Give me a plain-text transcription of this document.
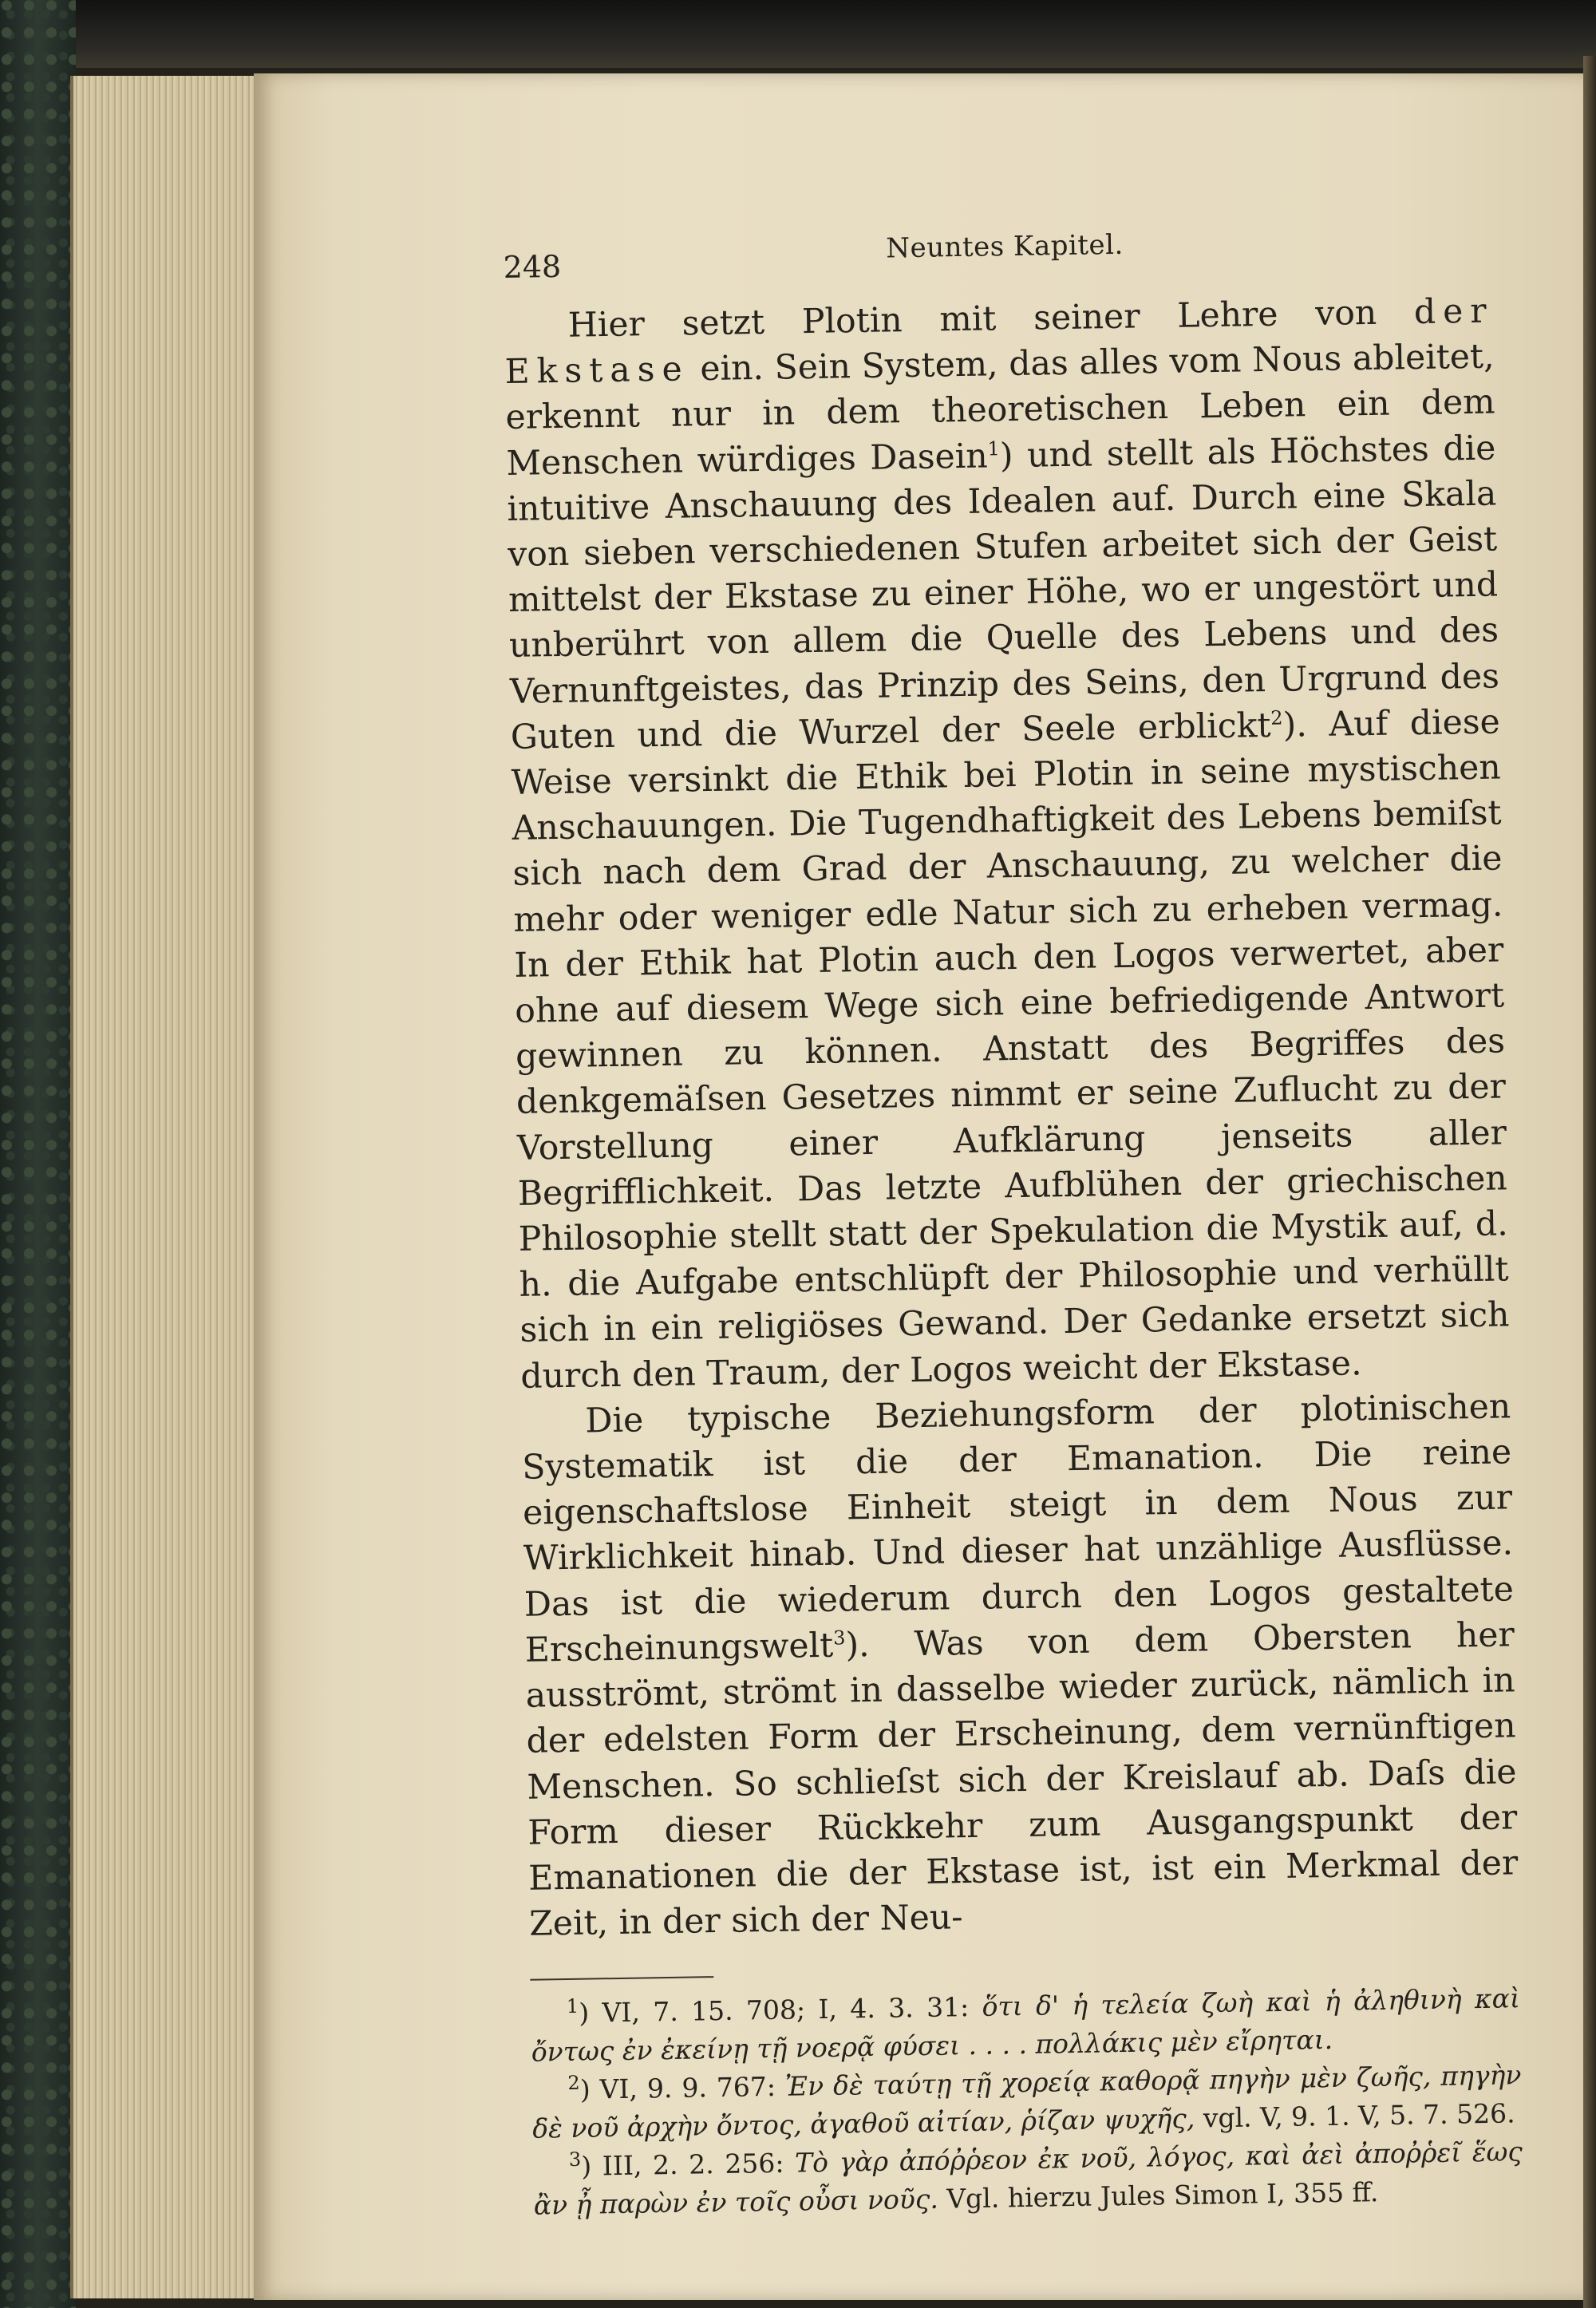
248
Neuntes Kapitel.

Hier setzt Plotin mit seiner Lehre von der Ekstase ein. Sein System, das alles vom Nous ableitet, erkennt nur in dem theoretischen Leben ein dem Menschen würdiges Dasein$^1$) und stellt als Höchstes die intuitive Anschauung des Idealen auf. Durch eine Skala von sieben verschiedenen Stufen arbeitet sich der Geist mittelst der Ekstase zu einer Höhe, wo er ungestört und unberührt von allem die Quelle des Lebens und des Vernunftgeistes, das Prinzip des Seins, den Urgrund des Guten und die Wurzel der Seele erblickt$^2$). Auf diese Weise versinkt die Ethik bei Plotin in seine mystischen Anschauungen. Die Tugendhaftigkeit des Lebens bemiſst sich nach dem Grad der Anschauung, zu welcher die mehr oder weniger edle Natur sich zu erheben vermag. In der Ethik hat Plotin auch den Logos verwertet, aber ohne auf diesem Wege sich eine befriedigende Antwort gewinnen zu können. Anstatt des Begriffes des denkgemäſsen Gesetzes nimmt er seine Zuflucht zu der Vorstellung einer Aufklärung jenseits aller Begrifflichkeit. Das letzte Aufblühen der griechischen Philosophie stellt statt der Spekulation die Mystik auf, d. h. die Aufgabe entschlüpft der Philosophie und verhüllt sich in ein religiöses Gewand. Der Gedanke ersetzt sich durch den Traum, der Logos weicht der Ekstase.

Die typische Beziehungsform der plotinischen Systematik ist die der Emanation. Die reine eigenschaftslose Einheit steigt in dem Nous zur Wirklichkeit hinab. Und dieser hat unzählige Ausflüsse. Das ist die wiederum durch den Logos gestaltete Erscheinungswelt$^3$). Was von dem Obersten her ausströmt, strömt in dasselbe wieder zurück, nämlich in der edelsten Form der Erscheinung, dem vernünftigen Menschen. So schlieſst sich der Kreislauf ab. Daſs die Form dieser Rückkehr zum Ausgangspunkt der Emanationen die der Ekstase ist, ist ein Merkmal der Zeit, in der sich der Neu-

$^1$) VI, 7. 15. 708; I, 4. 3. 31: ὅτι δ' ἡ τελεία ζωὴ καὶ ἡ ἀληθινὴ καὶ ὄντως ἐν ἐκείνῃ τῇ νοερᾷ φύσει . . . . πολλάκις μὲν εἴρηται.

$^2$) VI, 9. 9. 767: Ἐν δὲ ταύτῃ τῇ χορείᾳ καθορᾷ πηγὴν μὲν ζωῆς, πηγὴν δὲ νοῦ ἀρχὴν ὄντος, ἀγαθοῦ αἰτίαν, ῥίζαν ψυχῆς, vgl. V, 9. 1. V, 5. 7. 526.

$^3$) III, 2. 2. 256: Τὸ γὰρ ἀπόῤῥεον ἐκ νοῦ, λόγος, καὶ ἀεὶ ἀποῤῥεῖ ἕως ἂν ᾖ παρὼν ἐν τοῖς οὖσι νοῦς. Vgl. hierzu Jules Simon I, 355 ff.
